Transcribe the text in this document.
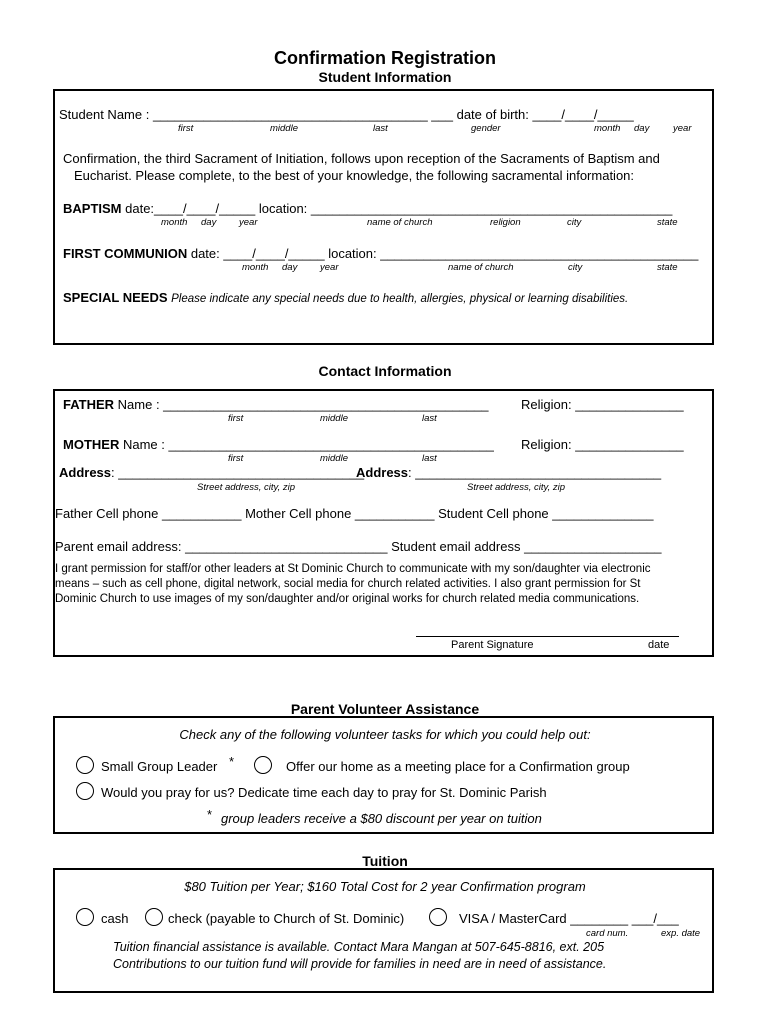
Confirmation Registration
Student Information
Student Name : ______________________________________ ___ date of birth: ____/____/_____
first	middle	last	gender	month day year
Confirmation, the third Sacrament of Initiation, follows upon reception of the Sacraments of Baptism and
Eucharist. Please complete, to the best of your knowledge, the following sacramental information:
BAPTISM date:____/____/_____ location: __________________________________________________
month day year	name of church	religion	city	state
FIRST COMMUNION date: ____/____/_____ location: ____________________________________________
month day year	name of church	city	state
SPECIAL NEEDS Please indicate any special needs due to health, allergies, physical or learning disabilities.
Contact Information
FATHER Name : _____________________________________________ Religion: _______________
first	middle	last
MOTHER Name : _____________________________________________ Religion: _______________
first	middle	last
Address: __________________________________
Address: __________________________________
Street address, city, zip	Street address, city, zip
Father Cell phone ___________ Mother Cell phone ___________ Student Cell phone ______________
Parent email address: ____________________________ Student email address ___________________
I grant permission for staff/or other leaders at St Dominic Church to communicate with my son/daughter via electronic
means – such as cell phone, digital network, social media for church related activities. I also grant permission for St
Dominic Church to use images of my son/daughter and/or original works for church related media communications.
Parent Signature	date
Parent Volunteer Assistance
Check any of the following volunteer tasks for which you could help out:
Small Group Leader *	Offer our home as a meeting place for a Confirmation group
Would you pray for us? Dedicate time each day to pray for St. Dominic Parish
* group leaders receive a $80 discount per year on tuition
Tuition
$80 Tuition per Year; $160 Total Cost for 2 year Confirmation program
cash	check (payable to Church of St. Dominic)	VISA / MasterCard ________ ___/___
card num.	exp. date
Tuition financial assistance is available. Contact Mara Mangan at 507-645-8816, ext. 205
Contributions to our tuition fund will provide for families in need are in need of assistance.
